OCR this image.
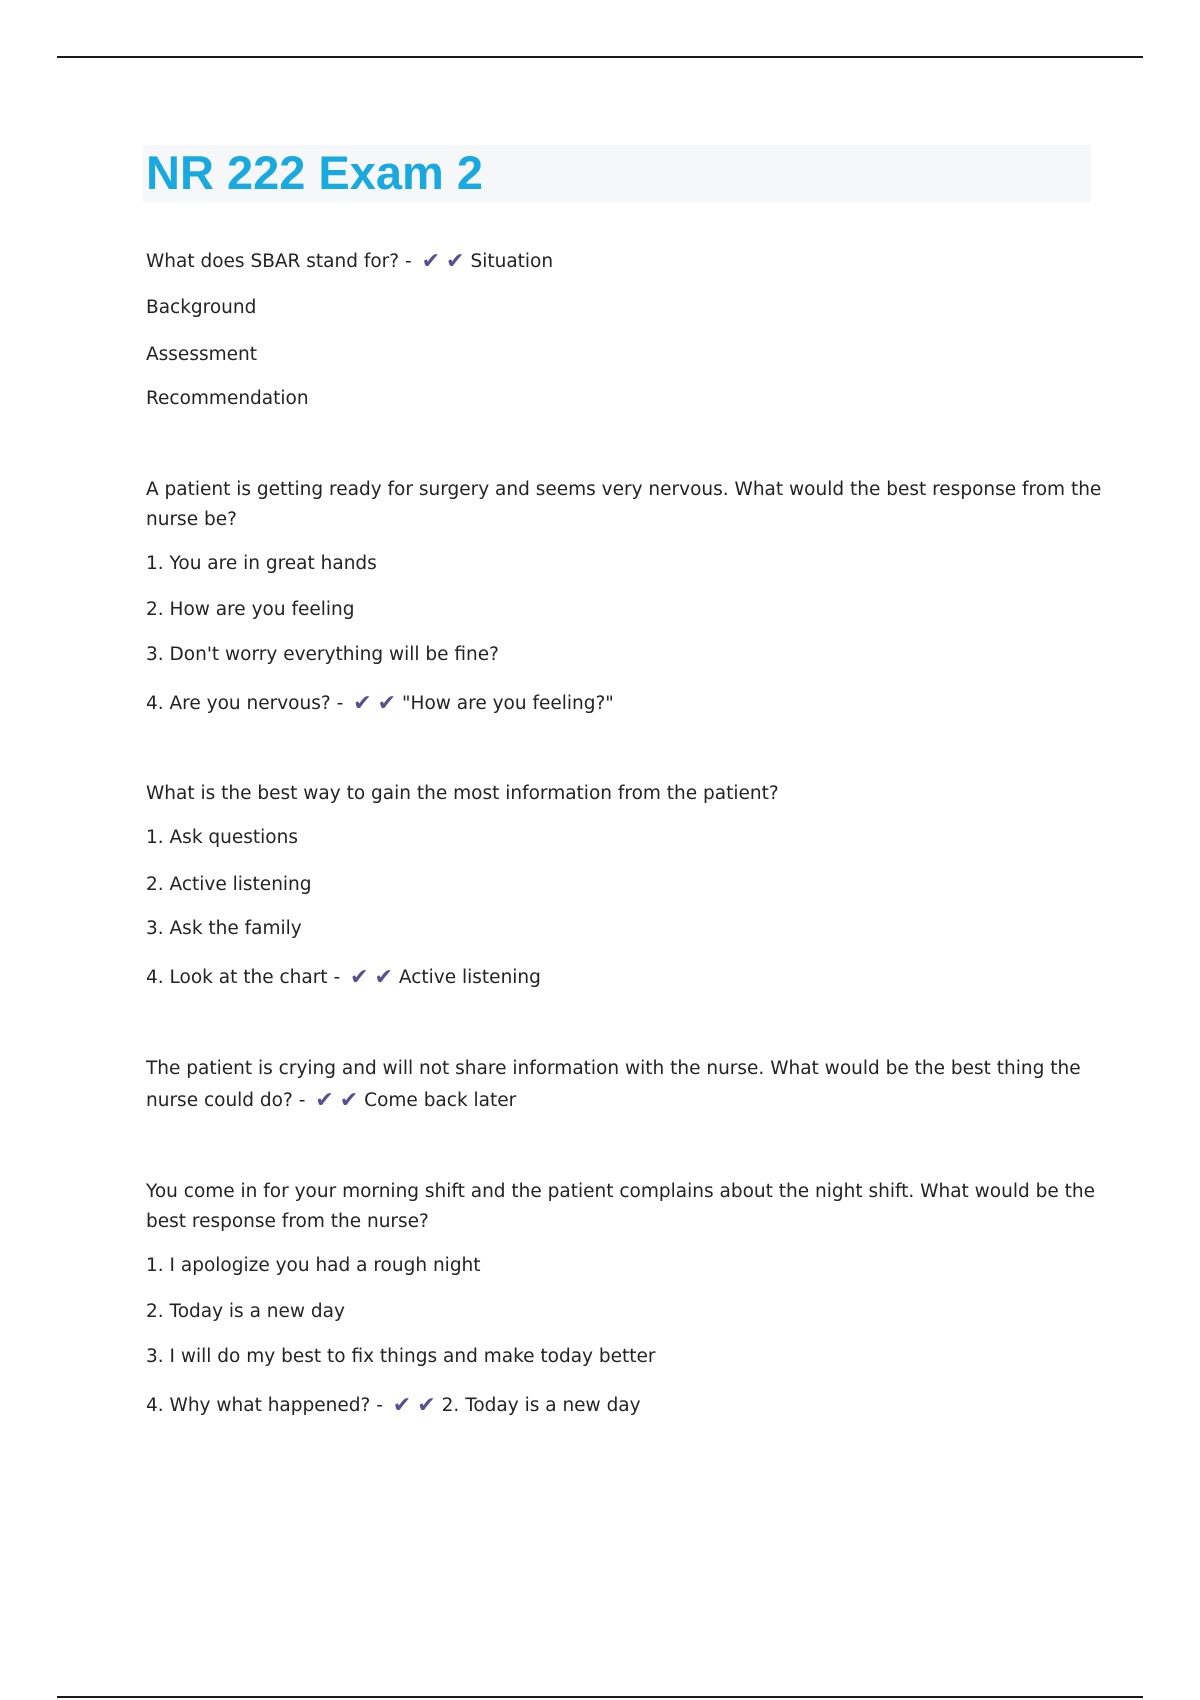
NR 222 Exam 2
What does SBAR stand for? - ✔ ✔ Situation
Background
Assessment
Recommendation
A patient is getting ready for surgery and seems very nervous. What would the best response from the
nurse be?
1. You are in great hands
2. How are you feeling
3. Don't worry everything will be fine?
4. Are you nervous? - ✔ ✔ "How are you feeling?"
What is the best way to gain the most information from the patient?
1. Ask questions
2. Active listening
3. Ask the family
4. Look at the chart - ✔ ✔ Active listening
The patient is crying and will not share information with the nurse. What would be the best thing the
nurse could do? - ✔ ✔ Come back later
You come in for your morning shift and the patient complains about the night shift. What would be the
best response from the nurse?
1. I apologize you had a rough night
2. Today is a new day
3. I will do my best to fix things and make today better
4. Why what happened? - ✔ ✔ 2. Today is a new day
